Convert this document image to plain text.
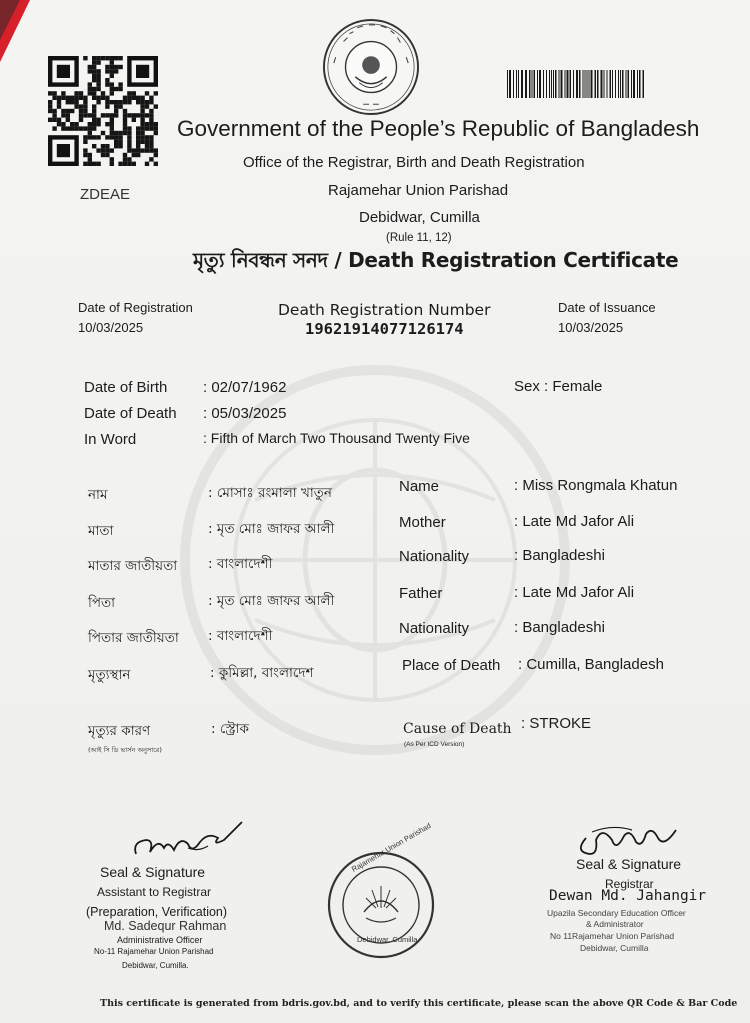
ZDEAE
Government of the People’s Republic of Bangladesh
Office of the Registrar, Birth and Death Registration
Rajamehar Union Parishad
Debidwar, Cumilla
(Rule 11, 12)
মৃত্যু নিবন্ধন সনদ / Death Registration Certificate
Date of Registration
10/03/2025
Death Registration Number
19621914077126174
Date of Issuance
10/03/2025
Date of Birth : 02/07/1962
Date of Death : 05/03/2025
In Word	: Fifth of March Two Thousand Twenty Five
Sex : Female
নাম	: মোসাঃ রংমালা খাতুন
মাতা	: মৃত মোঃ জাফর আলী
মাতার জাতীয়তা : বাংলাদেশী
পিতা	: মৃত মোঃ জাফর আলী
পিতার জাতীয়তা : বাংলাদেশী
মৃত্যুস্থান	: কুমিল্লা, বাংলাদেশ
মৃত্যুর কারণ
(আই সি ডি ভার্সন অনুসারে)
: স্ট্রোক
Name	: Miss Rongmala Khatun
Mother	: Late Md Jafor Ali
Nationality	: Bangladeshi
Father	: Late Md Jafor Ali
Nationality	: Bangladeshi
Place of Death : Cumilla, Bangladesh
Cause of Death
(As Per ICD Version)
: STROKE
Seal & Signature
Assistant to Registrar
(Preparation, Verification)
Md. Sadequr Rahman
Administrative Officer
No-11 Rajamehar Union Parishad
Debidwar, Cumilla.
Rajamehar Union Parishad
Debidwar, Cumilla
Seal & Signature
Registrar
Dewan Md. Jahangir
Upazila Secondary Education Officer
& Administrator
No 11Rajamehar Union Parishad
Debidwar, Cumilla
This certificate is generated from bdris.gov.bd, and to verify this certificate, please scan the above QR Code & Bar Code
